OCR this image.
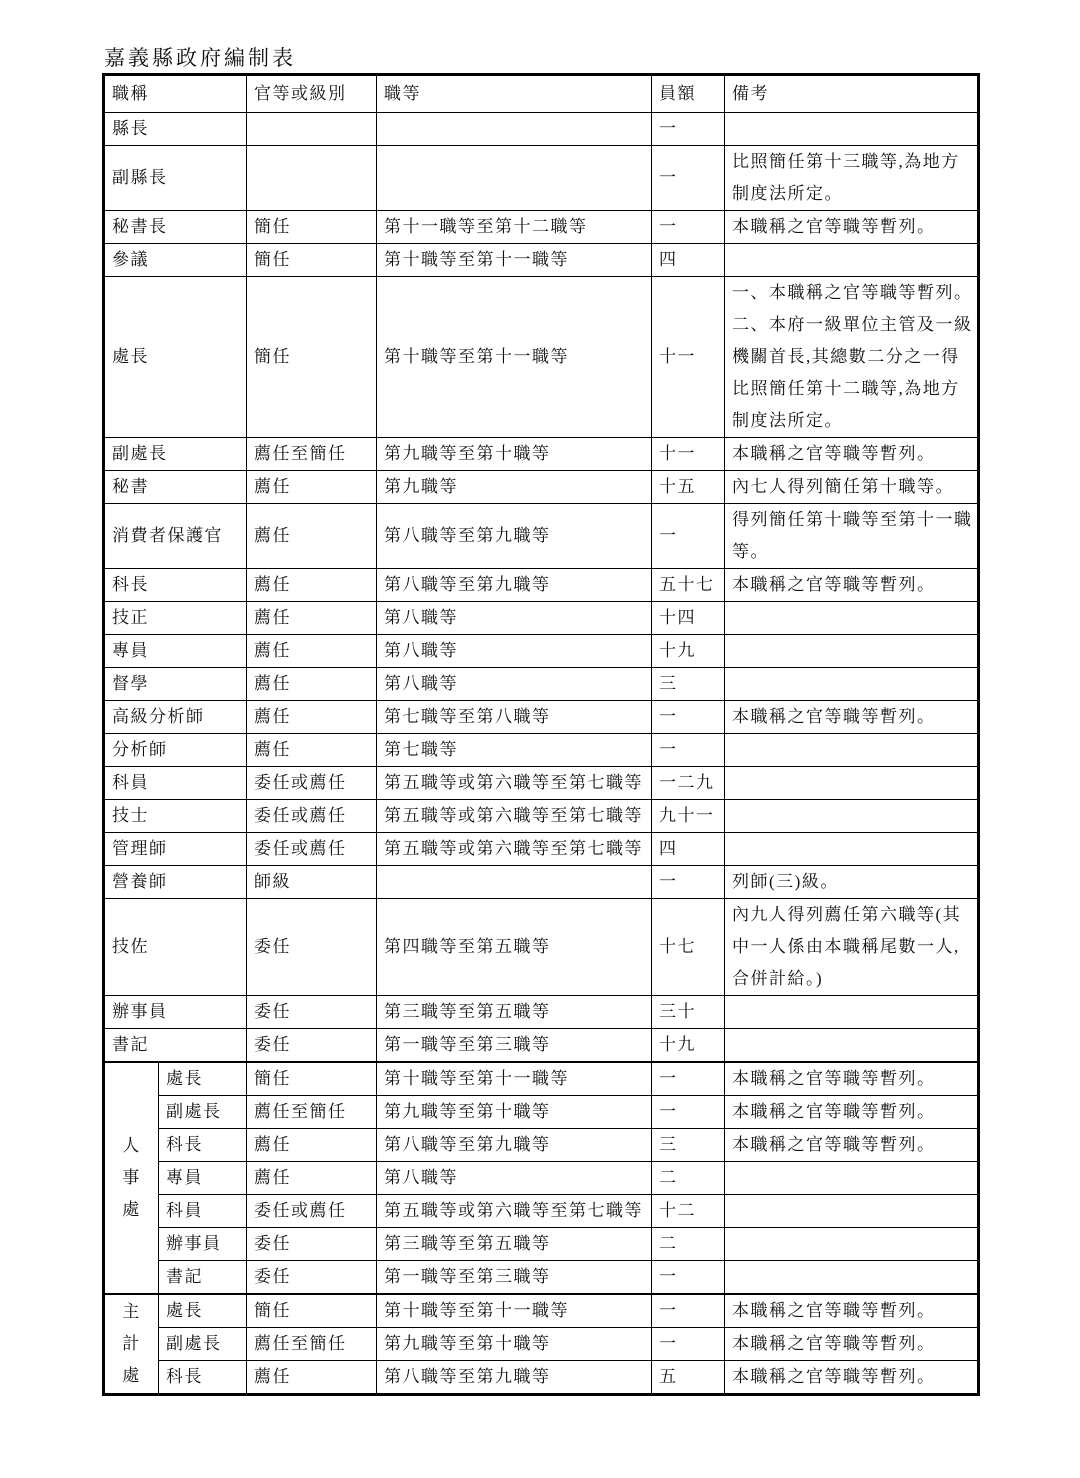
嘉義縣政府編制表
職稱		官等或級別	職等	員額	備考
縣長				一	
副縣長				一	比照簡任第十三職等,為地方
制度法所定。

秘書長		簡任	第十一職等至第十二職等	一	本職稱之官等職等暫列。

參議		簡任	第十職等至第十一職等	四	
處長		簡任	第十職等至第十一職等	十一	一、本職稱之官等職等暫列。
二、本府一級單位主管及一級
機關首長,其總數二分之一得
比照簡任第十二職等,為地方
制度法所定。

副處長		薦任至簡任	第九職等至第十職等	十一	本職稱之官等職等暫列。

秘書		薦任	第九職等	十五	內七人得列簡任第十職等。

消費者保護官		薦任	第八職等至第九職等	一	得列簡任第十職等至第十一職
等。

科長		薦任	第八職等至第九職等	五十七	本職稱之官等職等暫列。

技正		薦任	第八職等	十四	
專員		薦任	第八職等	十九	
督學		薦任	第八職等	三	
高級分析師		薦任	第七職等至第八職等	一	本職稱之官等職等暫列。

分析師		薦任	第七職等	一	
科員		委任或薦任	第五職等或第六職等至第七職等	一二九	
技士		委任或薦任	第五職等或第六職等至第七職等	九十一	
管理師		委任或薦任	第五職等或第六職等至第七職等	四	
營養師		師級		一	列師(三)級。

技佐		委任	第四職等至第五職等	十七	內九人得列薦任第六職等(其
中一人係由本職稱尾數一人,
合併計給。)

辦事員		委任	第三職等至第五職等	三十	
書記		委任	第一職等至第三職等	十九	

人
事
處	處長	簡任	第十職等至第十一職等	一	本職稱之官等職等暫列。

	副處長	薦任至簡任	第九職等至第十職等	一	本職稱之官等職等暫列。

	科長	薦任	第八職等至第九職等	三	本職稱之官等職等暫列。

	專員	薦任	第八職等	二	
	科員	委任或薦任	第五職等或第六職等至第七職等	十二	
	辦事員	委任	第三職等至第五職等	二	
	書記	委任	第一職等至第三職等	一	

主
計
處	處長	簡任	第十職等至第十一職等	一	本職稱之官等職等暫列。

	副處長	薦任至簡任	第九職等至第十職等	一	本職稱之官等職等暫列。

	科長	薦任	第八職等至第九職等	五	本職稱之官等職等暫列。
